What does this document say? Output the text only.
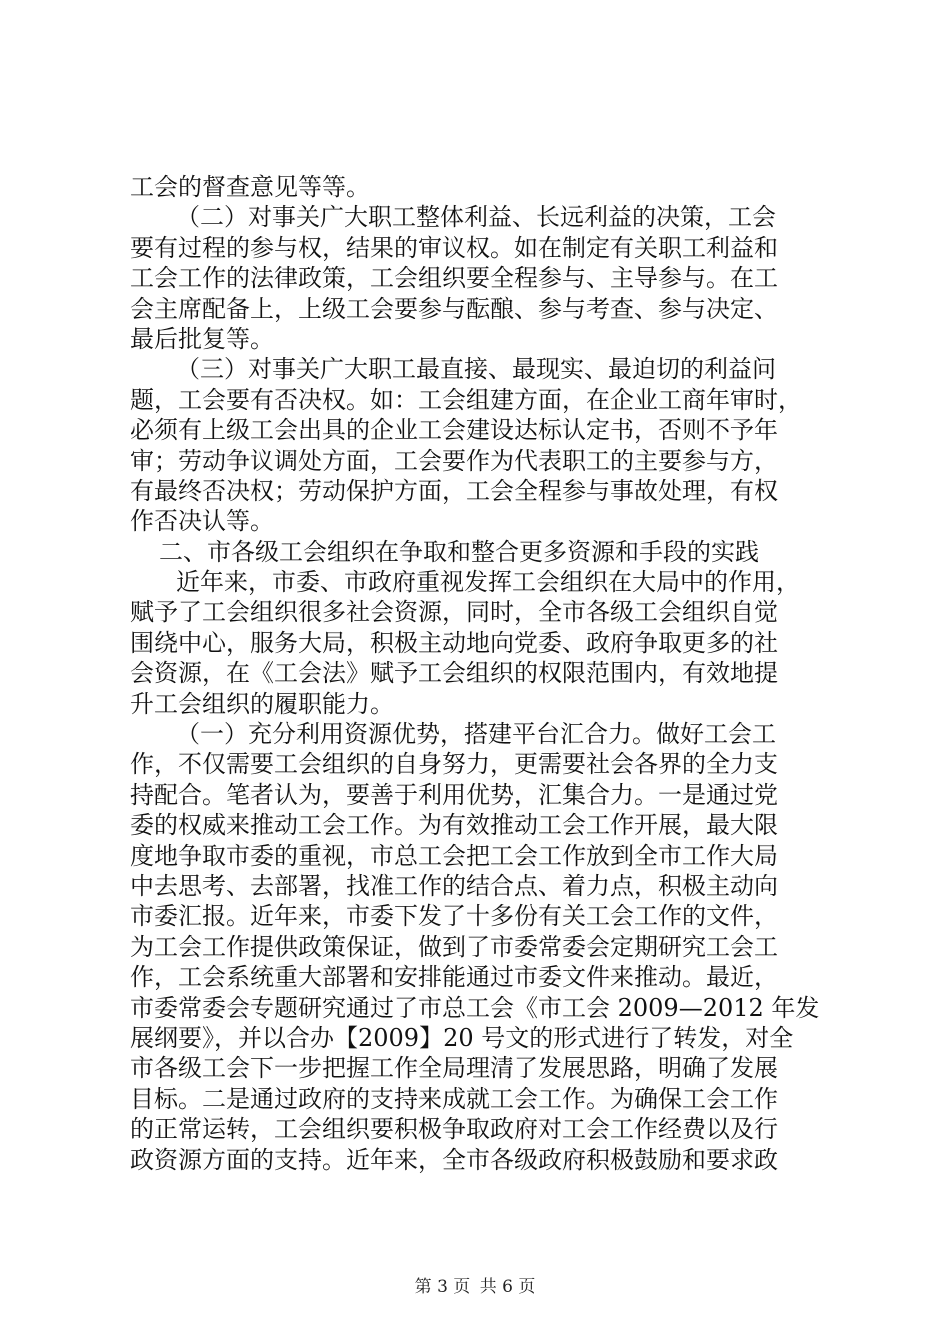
工会的督查意见等等。
（二）对事关广大职工整体利益、长远利益的决策，工会
要有过程的参与权，结果的审议权。如在制定有关职工利益和
工会工作的法律政策，工会组织要全程参与、主导参与。在工
会主席配备上，上级工会要参与酝酿、参与考查、参与决定、
最后批复等。
（三）对事关广大职工最直接、最现实、最迫切的利益问
题，工会要有否决权。如：工会组建方面，在企业工商年审时，
必须有上级工会出具的企业工会建设达标认定书，否则不予年
审；劳动争议调处方面，工会要作为代表职工的主要参与方，
有最终否决权；劳动保护方面，工会全程参与事故处理，有权
作否决认等。
二、市各级工会组织在争取和整合更多资源和手段的实践
近年来，市委、市政府重视发挥工会组织在大局中的作用，
赋予了工会组织很多社会资源，同时，全市各级工会组织自觉
围绕中心，服务大局，积极主动地向党委、政府争取更多的社
会资源，在《工会法》赋予工会组织的权限范围内，有效地提
升工会组织的履职能力。
（一）充分利用资源优势，搭建平台汇合力。做好工会工
作，不仅需要工会组织的自身努力，更需要社会各界的全力支
持配合。笔者认为，要善于利用优势，汇集合力。一是通过党
委的权威来推动工会工作。为有效推动工会工作开展，最大限
度地争取市委的重视，市总工会把工会工作放到全市工作大局
中去思考、去部署，找准工作的结合点、着力点，积极主动向
市委汇报。近年来，市委下发了十多份有关工会工作的文件，
为工会工作提供政策保证，做到了市委常委会定期研究工会工
作，工会系统重大部署和安排能通过市委文件来推动。最近，
市委常委会专题研究通过了市总工会《市工会 2009—2012 年发
展纲要》，并以合办【2009】20 号文的形式进行了转发，对全
市各级工会下一步把握工作全局理清了发展思路，明确了发展
目标。二是通过政府的支持来成就工会工作。为确保工会工作
的正常运转，工会组织要积极争取政府对工会工作经费以及行
政资源方面的支持。近年来，全市各级政府积极鼓励和要求政
第 3 页 共 6 页
